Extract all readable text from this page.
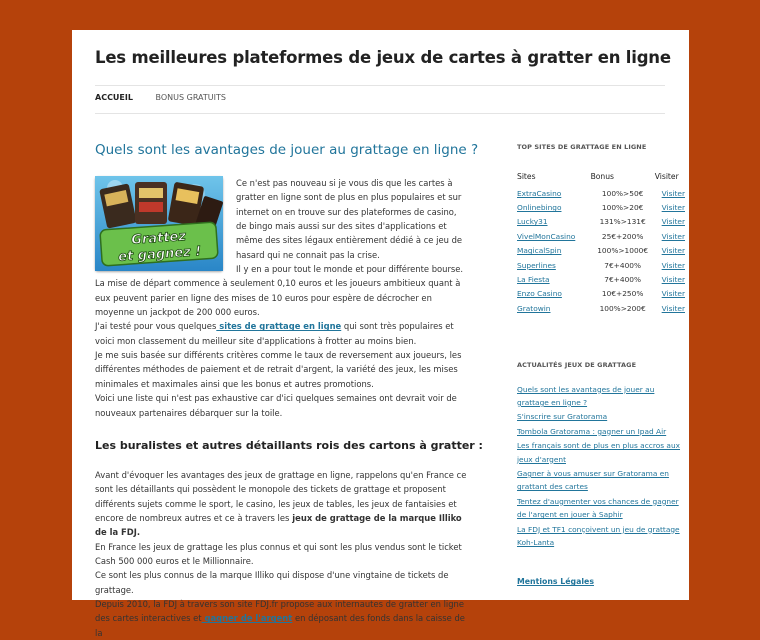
Les meilleures plateformes de jeux de cartes à gratter en ligne
ACCUEIL	BONUS GRATUITS
Quels sont les avantages de jouer au grattage en ligne ?
Grattez
et gagnez !

Ce n'est pas nouveau si je vous dis que les cartes à gratter en ligne sont de plus en plus populaires et sur internet on en trouve sur des plateformes de casino, de bingo mais aussi sur des sites d'applications et même des sites légaux entièrement dédié à ce jeu de hasard qui ne connait pas la crise.

Il y en a pour tout le monde et pour différente bourse.

La mise de départ commence à seulement 0,10 euros et les joueurs ambitieux quant à eux peuvent parier en ligne des mises de 10 euros pour espère de décrocher en moyenne un jackpot de 200 000 euros.

J'ai testé pour vous quelques sites de grattage en ligne qui sont très populaires et voici mon classement du meilleur site d'applications à frotter au moins bien.

Je me suis basée sur différents critères comme le taux de reversement aux joueurs, les différentes méthodes de paiement et de retrait d'argent, la variété des jeux, les mises minimales et maximales ainsi que les bonus et autres promotions.

Voici une liste qui n'est pas exhaustive car d'ici quelques semaines ont devrait voir de nouveaux partenaires débarquer sur la toile.

Les buralistes et autres détaillants rois des cartons à gratter :

Avant d'évoquer les avantages des jeux de grattage en ligne, rappelons qu'en France ce sont les détaillants qui possèdent le monopole des tickets de grattage et proposent différents sujets comme le sport, le casino, les jeux de tables, les jeux de fantaisies et encore de nombreux autres et ce à travers les jeux de grattage de la marque Illiko de la FDJ.

En France les jeux de grattage les plus connus et qui sont les plus vendus sont le ticket Cash 500 000 euros et le Millionnaire.

Ce sont les plus connus de la marque Illiko qui dispose d'une vingtaine de tickets de grattage.

Depuis 2010, la FDJ à travers son site FDJ.fr propose aux internautes de gratter en ligne des cartes interactives et gagner de l'argent en déposant des fonds dans la caisse de la

TOP SITES DE GRATTAGE EN LIGNE
Sites	Bonus	Visiter
ExtraCasino	100%>50€	Visiter
Onlinebingo	100%>20€	Visiter
Lucky31	131%>131€	Visiter
VivelMonCasino	25€+200%	Visiter
MagicalSpin	100%>1000€	Visiter
Superlines	7€+400%	Visiter
La Fiesta	7€+400%	Visiter
Enzo Casino	10€+250%	Visiter
Gratowin	100%>200€	Visiter
ACTUALITÉS JEUX DE GRATTAGE
Quels sont les avantages de jouer au grattage en ligne ?
S'inscrire sur Gratorama
Tombola Gratorama : gagner un Ipad Air
Les français sont de plus en plus accros aux jeux d'argent
Gagner à vous amuser sur Gratorama en grattant des cartes
Tentez d'augmenter vos chances de gagner de l'argent en jouer à Saphir
La FDJ et TF1 conçoivent un jeu de grattage Koh-Lanta
Mentions Légales
